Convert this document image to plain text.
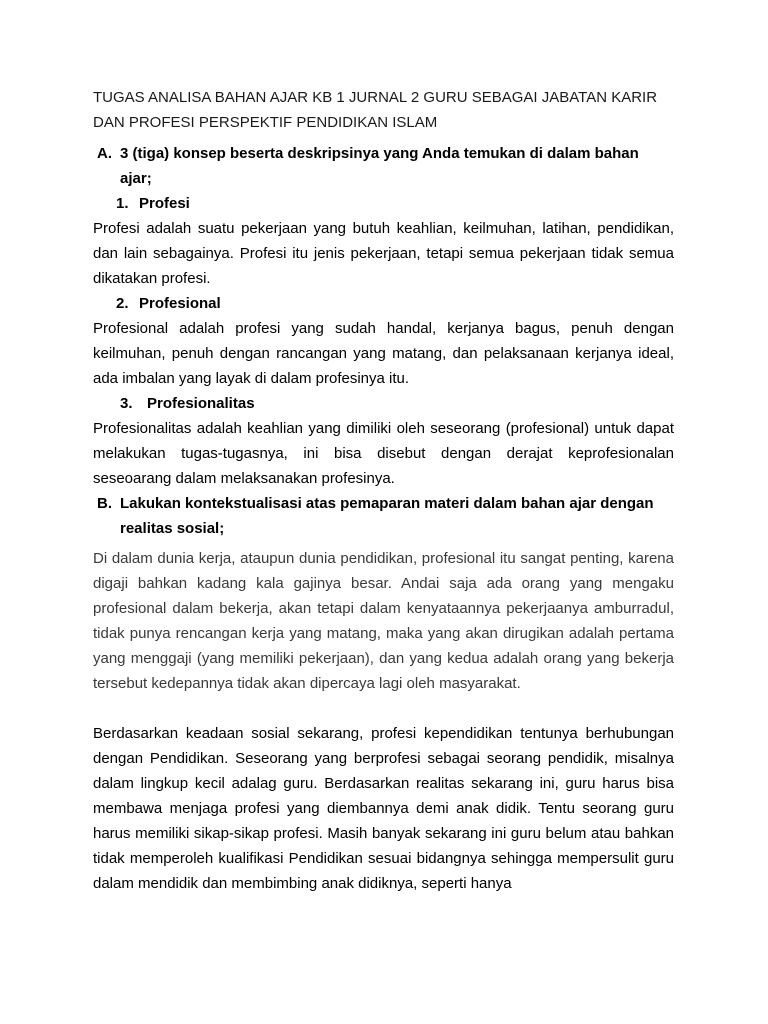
TUGAS ANALISA BAHAN AJAR KB 1 JURNAL 2 GURU SEBAGAI JABATAN KARIR DAN PROFESI PERSPEKTIF PENDIDIKAN ISLAM
A. 3 (tiga) konsep beserta deskripsinya yang Anda temukan di dalam bahan ajar;
1. Profesi

Profesi adalah suatu pekerjaan yang butuh keahlian, keilmuhan, latihan, pendidikan, dan lain sebagainya. Profesi itu jenis pekerjaan, tetapi semua pekerjaan tidak semua dikatakan profesi.

2. Profesional

Profesional adalah profesi yang sudah handal, kerjanya bagus, penuh dengan keilmuhan, penuh dengan rancangan yang matang, dan pelaksanaan kerjanya ideal, ada imbalan yang layak di dalam profesinya itu.

3. Profesionalitas

Profesionalitas adalah keahlian yang dimiliki oleh seseorang (profesional) untuk dapat melakukan tugas-tugasnya, ini bisa disebut dengan derajat keprofesionalan seseoarang dalam melaksanakan profesinya.

B. Lakukan kontekstualisasi atas pemaparan materi dalam bahan ajar dengan realitas sosial;

Di dalam dunia kerja, ataupun dunia pendidikan, profesional itu sangat penting, karena digaji bahkan kadang kala gajinya besar. Andai saja ada orang yang mengaku profesional dalam bekerja, akan tetapi dalam kenyataannya pekerjaanya amburradul, tidak punya rencangan kerja yang matang, maka yang akan dirugikan adalah pertama yang menggaji (yang memiliki pekerjaan), dan yang kedua adalah orang yang bekerja tersebut kedepannya tidak akan dipercaya lagi oleh masyarakat.

Berdasarkan keadaan sosial sekarang, profesi kependidikan tentunya berhubungan dengan Pendidikan. Seseorang yang berprofesi sebagai seorang pendidik, misalnya dalam lingkup kecil adalag guru. Berdasarkan realitas sekarang ini, guru harus bisa membawa menjaga profesi yang diembannya demi anak didik. Tentu seorang guru harus memiliki sikap-sikap profesi. Masih banyak sekarang ini guru belum atau bahkan tidak memperoleh kualifikasi Pendidikan sesuai bidangnya sehingga mempersulit guru dalam mendidik dan membimbing anak didiknya, seperti hanya
